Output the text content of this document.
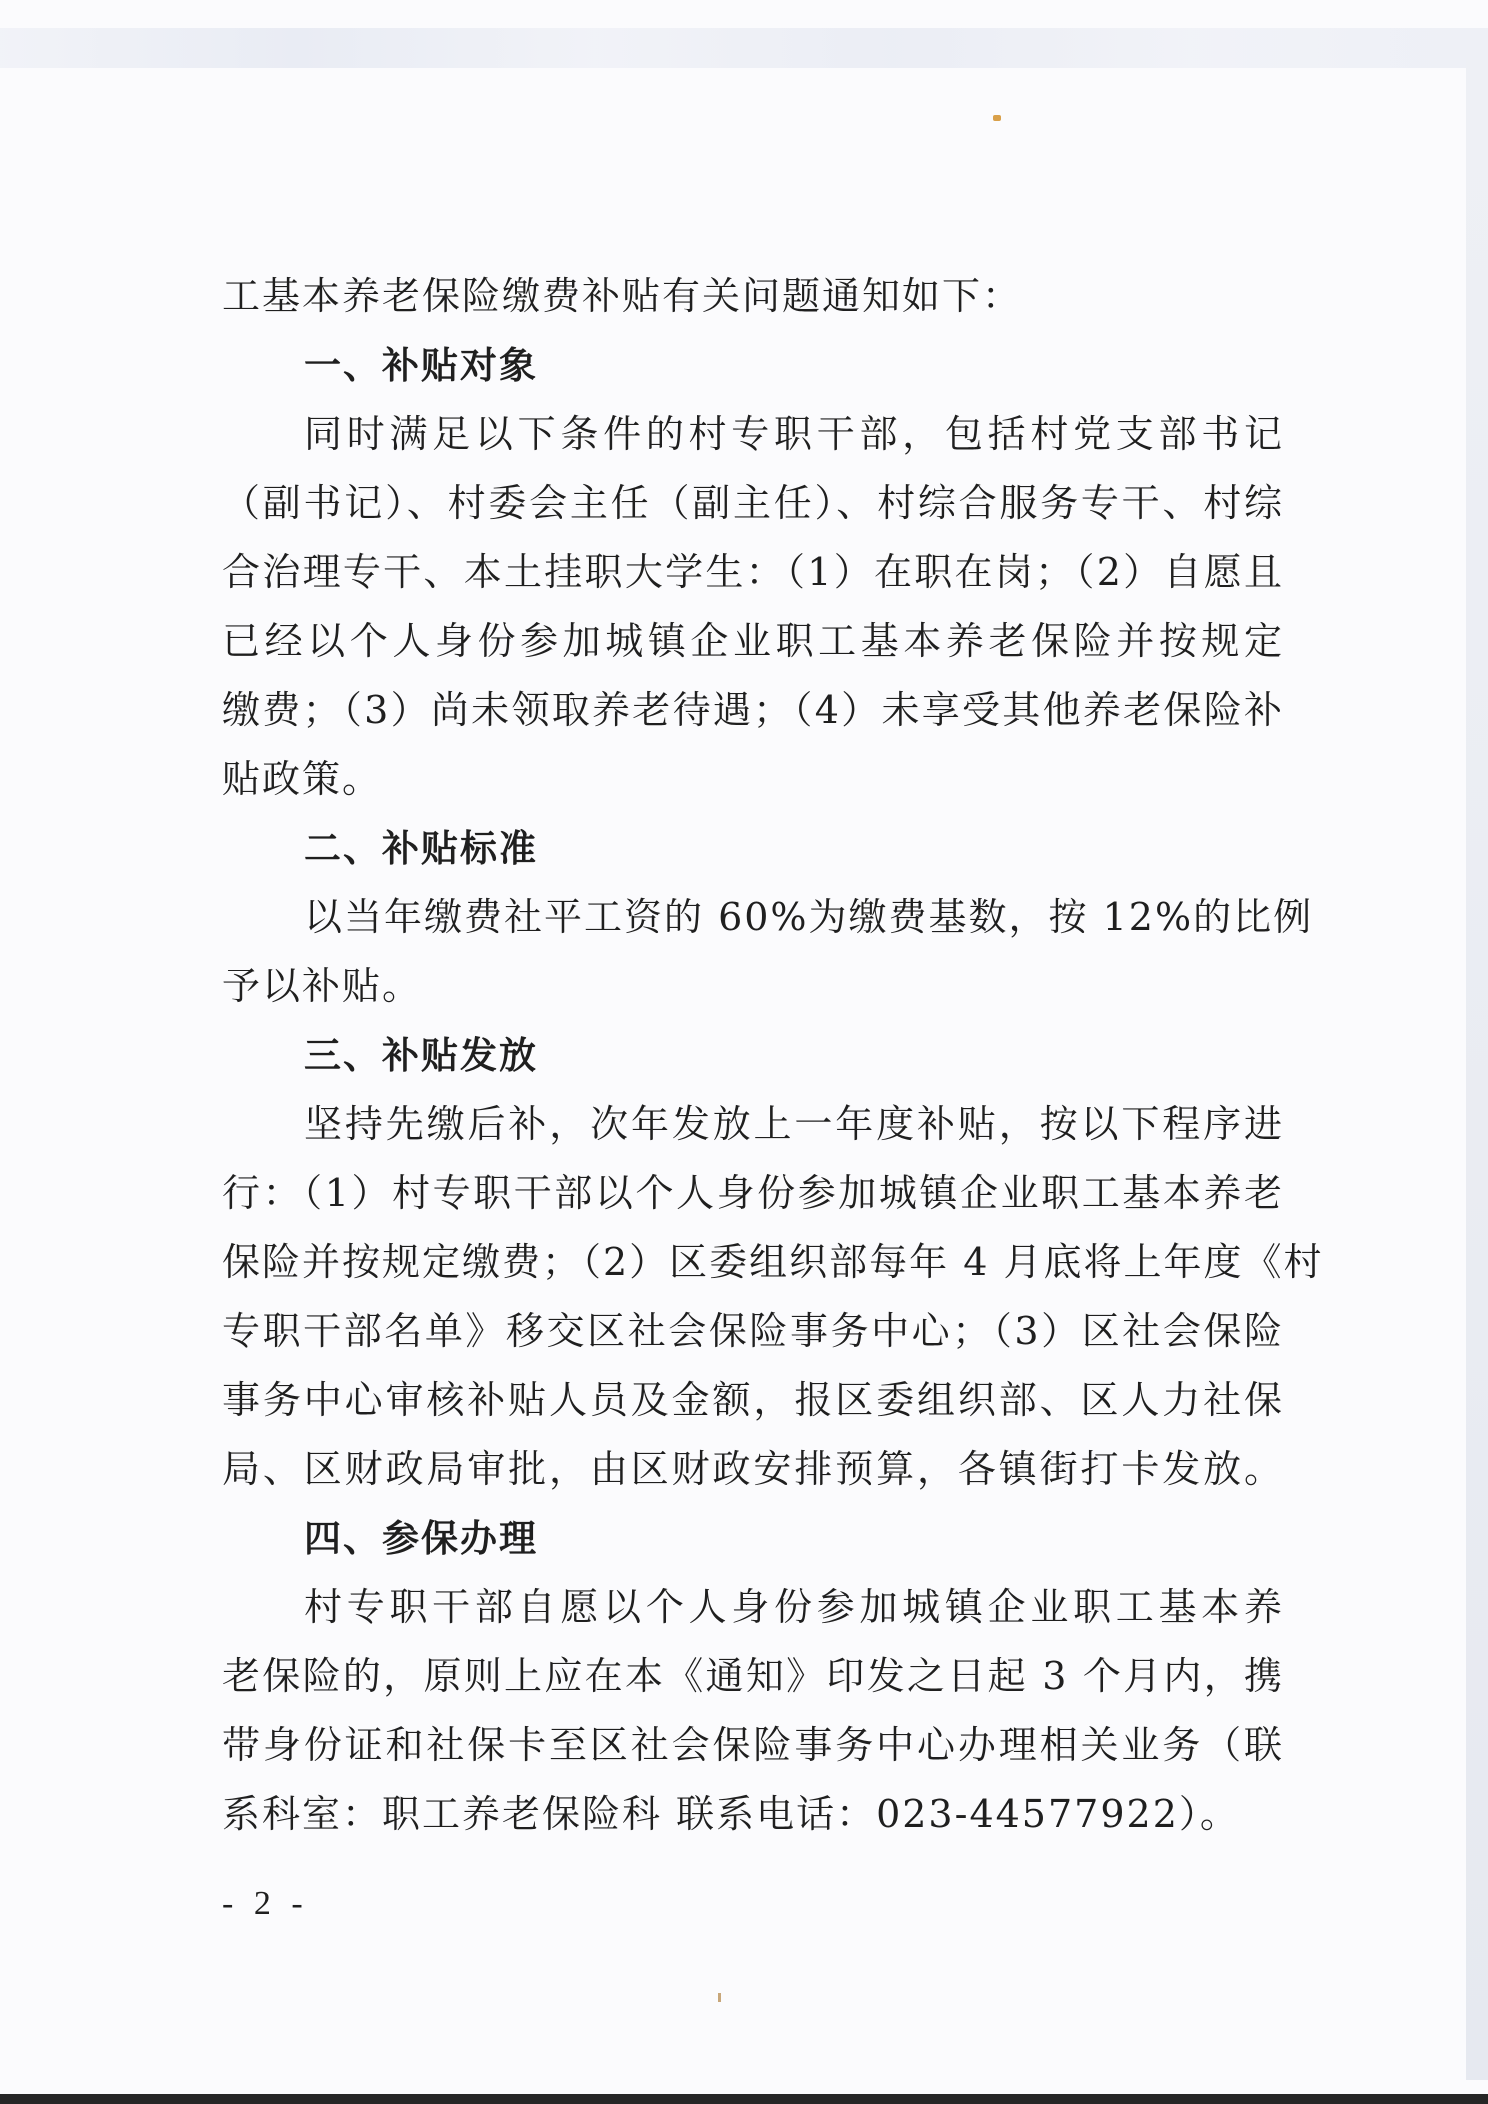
工基本养老保险缴费补贴有关问题通知如下：
一、补贴对象
同时满足以下条件的村专职干部，包括村党支部书记
（副书记）、村委会主任（副主任）、村综合服务专干、村综
合治理专干、本土挂职大学生：（1）在职在岗；（2）自愿且
已经以个人身份参加城镇企业职工基本养老保险并按规定
缴费；（3）尚未领取养老待遇；（4）未享受其他养老保险补
贴政策。
二、补贴标准
以当年缴费社平工资的 60%为缴费基数，按 12%的比例
予以补贴。
三、补贴发放
坚持先缴后补，次年发放上一年度补贴，按以下程序进
行：（1）村专职干部以个人身份参加城镇企业职工基本养老
保险并按规定缴费；（2）区委组织部每年 4 月底将上年度《村
专职干部名单》移交区社会保险事务中心；（3）区社会保险
事务中心审核补贴人员及金额，报区委组织部、区人力社保
局、区财政局审批，由区财政安排预算，各镇街打卡发放。
四、参保办理
村专职干部自愿以个人身份参加城镇企业职工基本养
老保险的，原则上应在本《通知》印发之日起 3 个月内，携
带身份证和社保卡至区社会保险事务中心办理相关业务（联
系科室：职工养老保险科 联系电话：023-44577922）。
- 2 -
